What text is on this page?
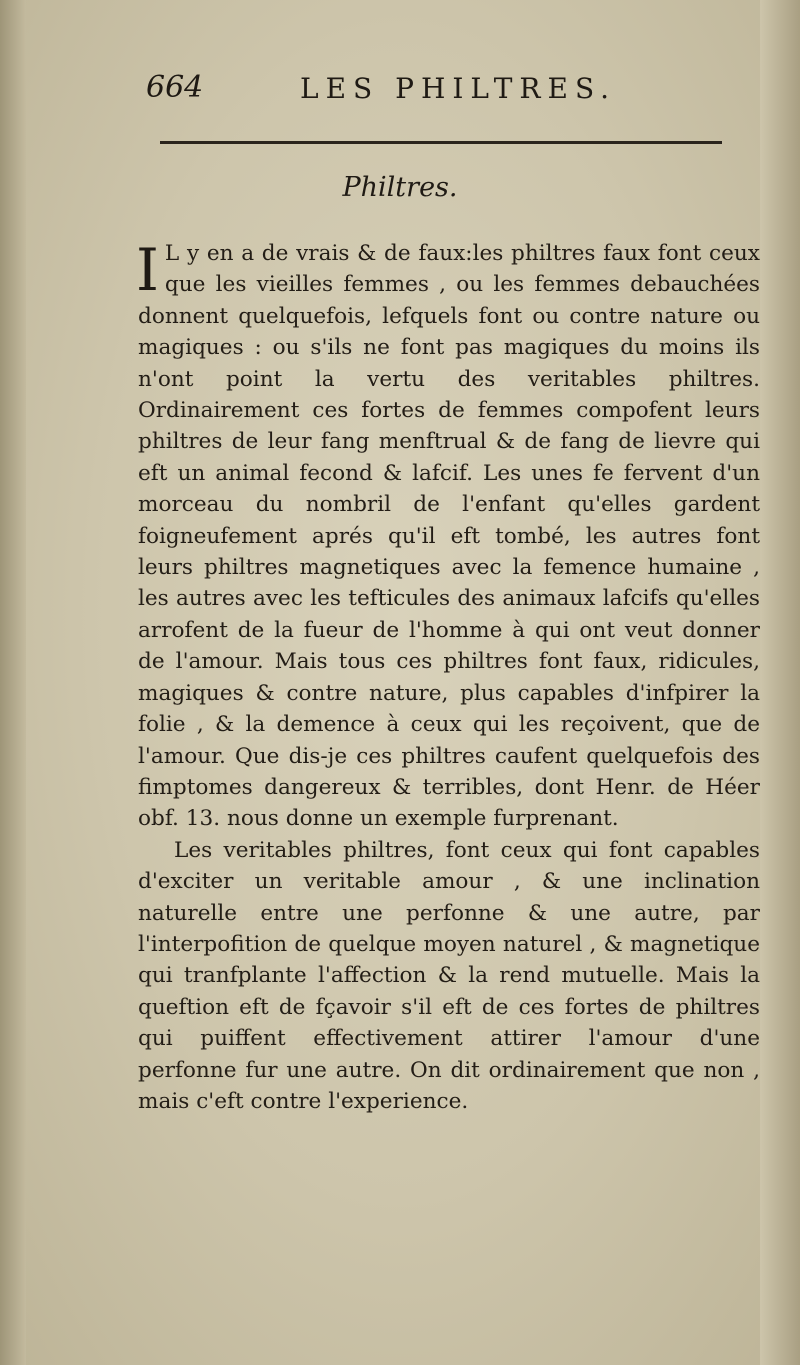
664	LES PHILTRES.
Philtres.

I L y en a de vrais & de faux:les philtres faux font ceux que les vieilles femmes , ou les femmes debauchées donnent quelquefois, lefquels font ou contre nature ou magiques : ou s'ils ne font pas magiques du moins ils n'ont point la vertu des veritables philtres. Ordinairement ces fortes de femmes compofent leurs philtres de leur fang menftrual & de fang de lievre qui eft un animal fecond & lafcif. Les unes fe fervent d'un morceau du nombril de l'enfant qu'elles gardent foigneufement aprés qu'il eft tombé, les autres font leurs philtres magnetiques avec la femence humaine , les autres avec les tefticules des animaux lafcifs qu'elles arrofent de la fueur de l'homme à qui ont veut donner de l'amour. Mais tous ces philtres font faux, ridicules, magiques & contre nature, plus capables d'infpirer la folie , & la demence à ceux qui les reçoivent, que de l'amour. Que dis-je ces philtres caufent quelquefois des fimptomes dangereux & terribles, dont Henr. de Héer obf. 13. nous donne un exemple furprenant.

Les veritables philtres, font ceux qui font capables d'exciter un veritable amour , & une inclination naturelle entre une perfonne & une autre, par l'interpofition de quelque moyen naturel , & magnetique qui tranfplante l'affection & la rend mutuelle. Mais la queftion eft de fçavoir s'il eft de ces fortes de philtres qui puiffent effectivement attirer l'amour d'une perfonne fur une autre. On dit ordinairement que non , mais c'eft contre l'experience.
